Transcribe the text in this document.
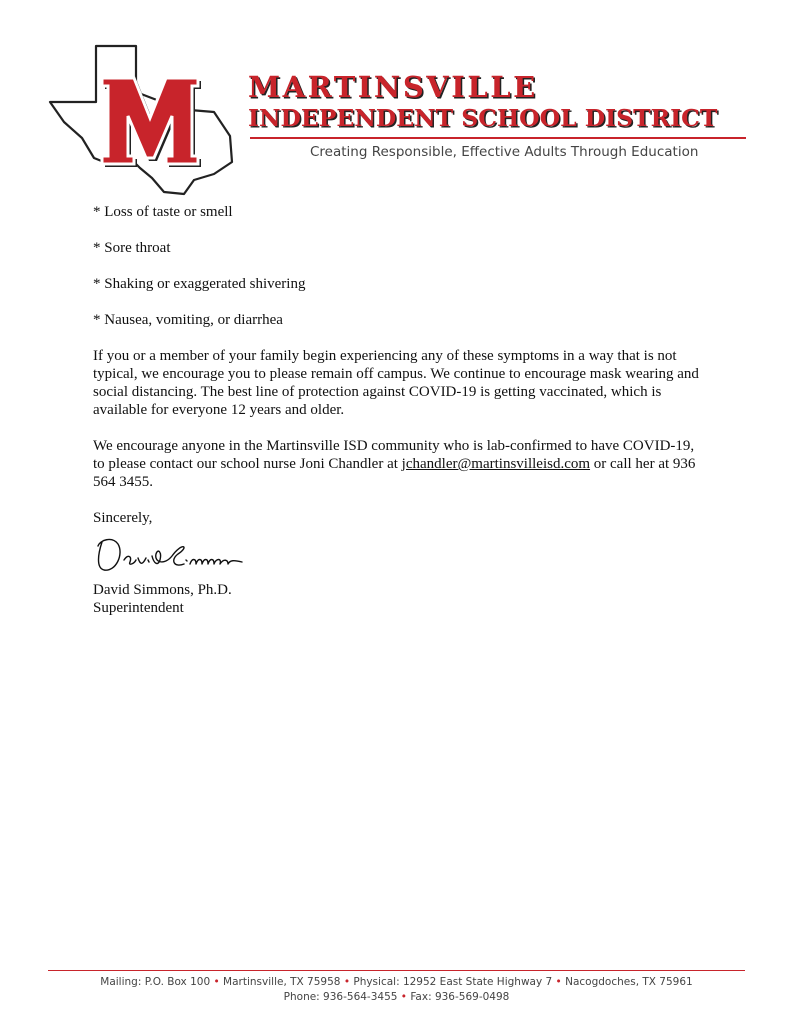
MARTINSVILLE
INDEPENDENT SCHOOL DISTRICT
Creating Responsible, Effective Adults Through Education
* Loss of taste or smell
* Sore throat
* Shaking or exaggerated shivering
* Nausea, vomiting, or diarrhea
If you or a member of your family begin experiencing any of these symptoms in a way that is not typical, we encourage you to please remain off campus. We continue to encourage mask wearing and social distancing. The best line of protection against COVID-19 is getting vaccinated, which is available for everyone 12 years and older.
We encourage anyone in the Martinsville ISD community who is lab-confirmed to have COVID-19, to please contact our school nurse Joni Chandler at jchandler@martinsvilleisd.com or call her at 936 564 3455.
Sincerely,
David Simmons, Ph.D.
Superintendent
Mailing: P.O. Box 100 • Martinsville, TX 75958 • Physical: 12952 East State Highway 7 • Nacogdoches, TX 75961
Phone: 936-564-3455 • Fax: 936-569-0498
